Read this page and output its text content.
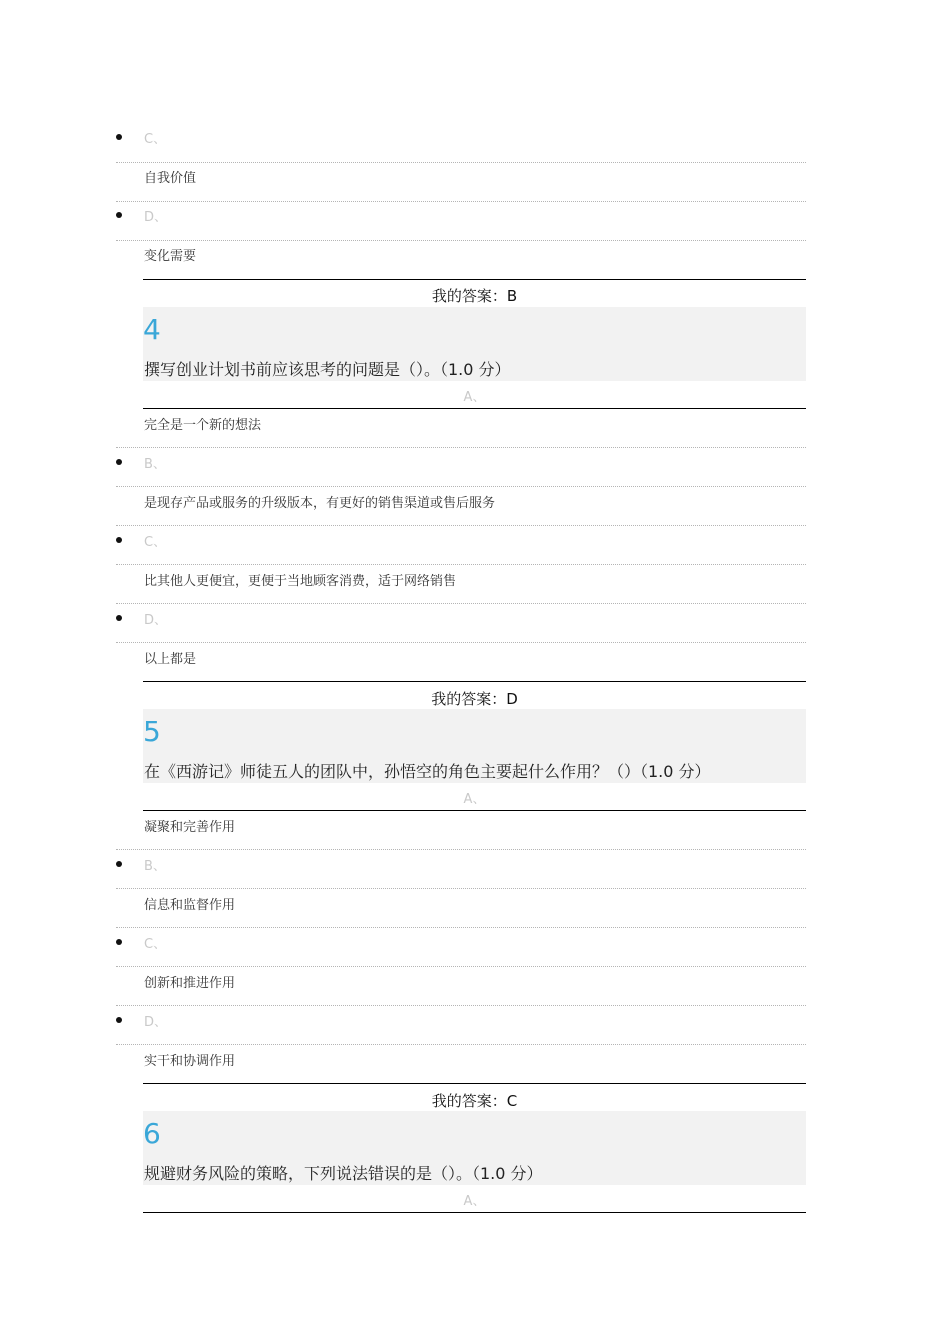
C、
自我价值
D、
变化需要
我的答案：B
4
撰写创业计划书前应该思考的问题是（）。（1.0 分）
A、
完全是一个新的想法
B、
是现存产品或服务的升级版本，有更好的销售渠道或售后服务
C、
比其他人更便宜，更便于当地顾客消费，适于网络销售
D、
以上都是
我的答案：D
5
在《西游记》师徒五人的团队中，孙悟空的角色主要起什么作用？（）（1.0 分）
A、
凝聚和完善作用
B、
信息和监督作用
C、
创新和推进作用
D、
实干和协调作用
我的答案：C
6
规避财务风险的策略，下列说法错误的是（）。（1.0 分）
A、
